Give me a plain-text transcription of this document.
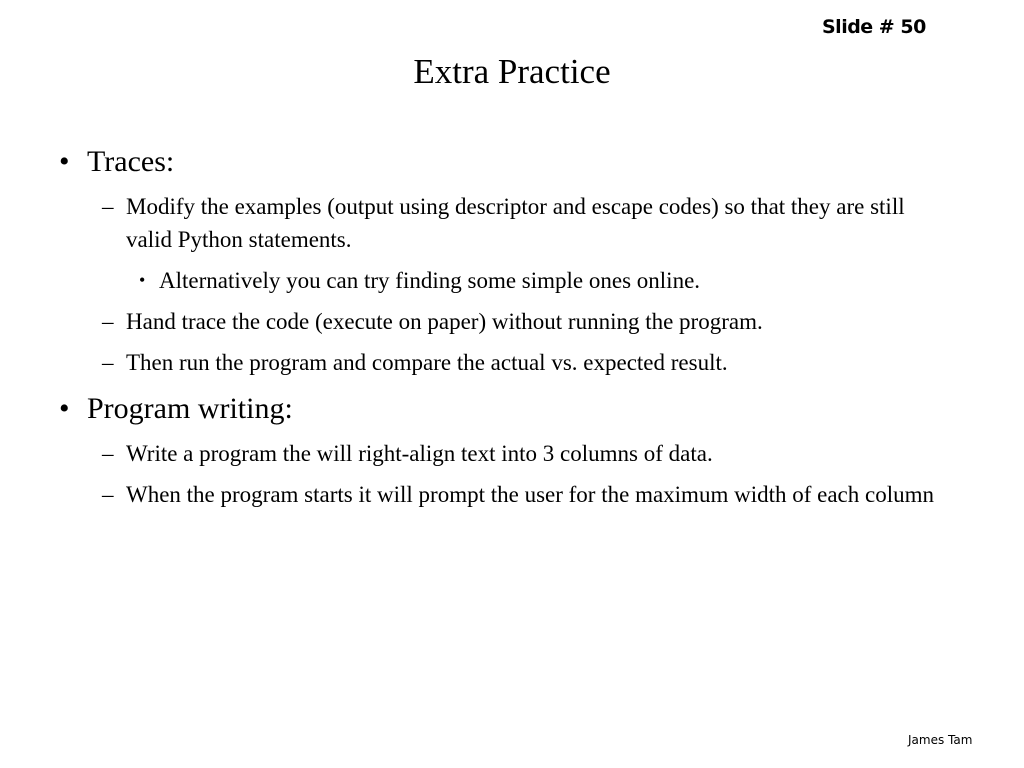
Slide # 50
Extra Practice
• Traces:
– Modify the examples (output using descriptor and escape codes) so that they are still valid Python statements.
• Alternatively you can try finding some simple ones online.
– Hand trace the code (execute on paper) without running the program.
– Then run the program and compare the actual vs. expected result.
• Program writing:
– Write a program the will right-align text into 3 columns of data.
– When the program starts it will prompt the user for the maximum width of each column
James Tam
